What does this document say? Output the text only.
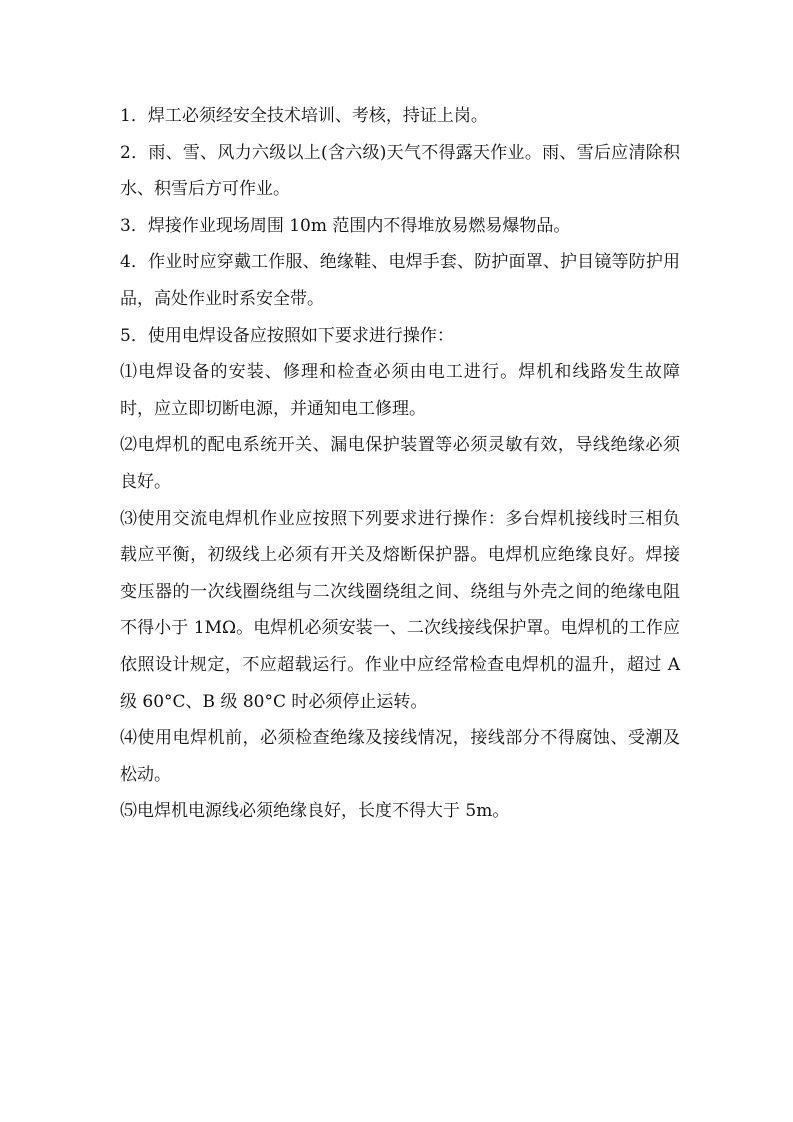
1．焊工必须经安全技术培训、考核，持证上岗。

2．雨、雪、风力六级以上(含六级)天气不得露天作业。雨、雪后应清除积水、积雪后方可作业。

3．焊接作业现场周围 10m 范围内不得堆放易燃易爆物品。

4．作业时应穿戴工作服、绝缘鞋、电焊手套、防护面罩、护目镜等防护用品，高处作业时系安全带。

5．使用电焊设备应按照如下要求进行操作：

⑴电焊设备的安装、修理和检查必须由电工进行。焊机和线路发生故障时，应立即切断电源，并通知电工修理。

⑵电焊机的配电系统开关、漏电保护装置等必须灵敏有效，导线绝缘必须良好。

⑶使用交流电焊机作业应按照下列要求进行操作：多台焊机接线时三相负载应平衡，初级线上必须有开关及熔断保护器。电焊机应绝缘良好。焊接变压器的一次线圈绕组与二次线圈绕组之间、绕组与外壳之间的绝缘电阻不得小于 1MΩ。电焊机必须安装一、二次线接线保护罩。电焊机的工作应依照设计规定，不应超载运行。作业中应经常检查电焊机的温升，超过 A 级 60°C、B 级 80°C 时必须停止运转。

⑷使用电焊机前，必须检查绝缘及接线情况，接线部分不得腐蚀、受潮及松动。

⑸电焊机电源线必须绝缘良好，长度不得大于 5m。
